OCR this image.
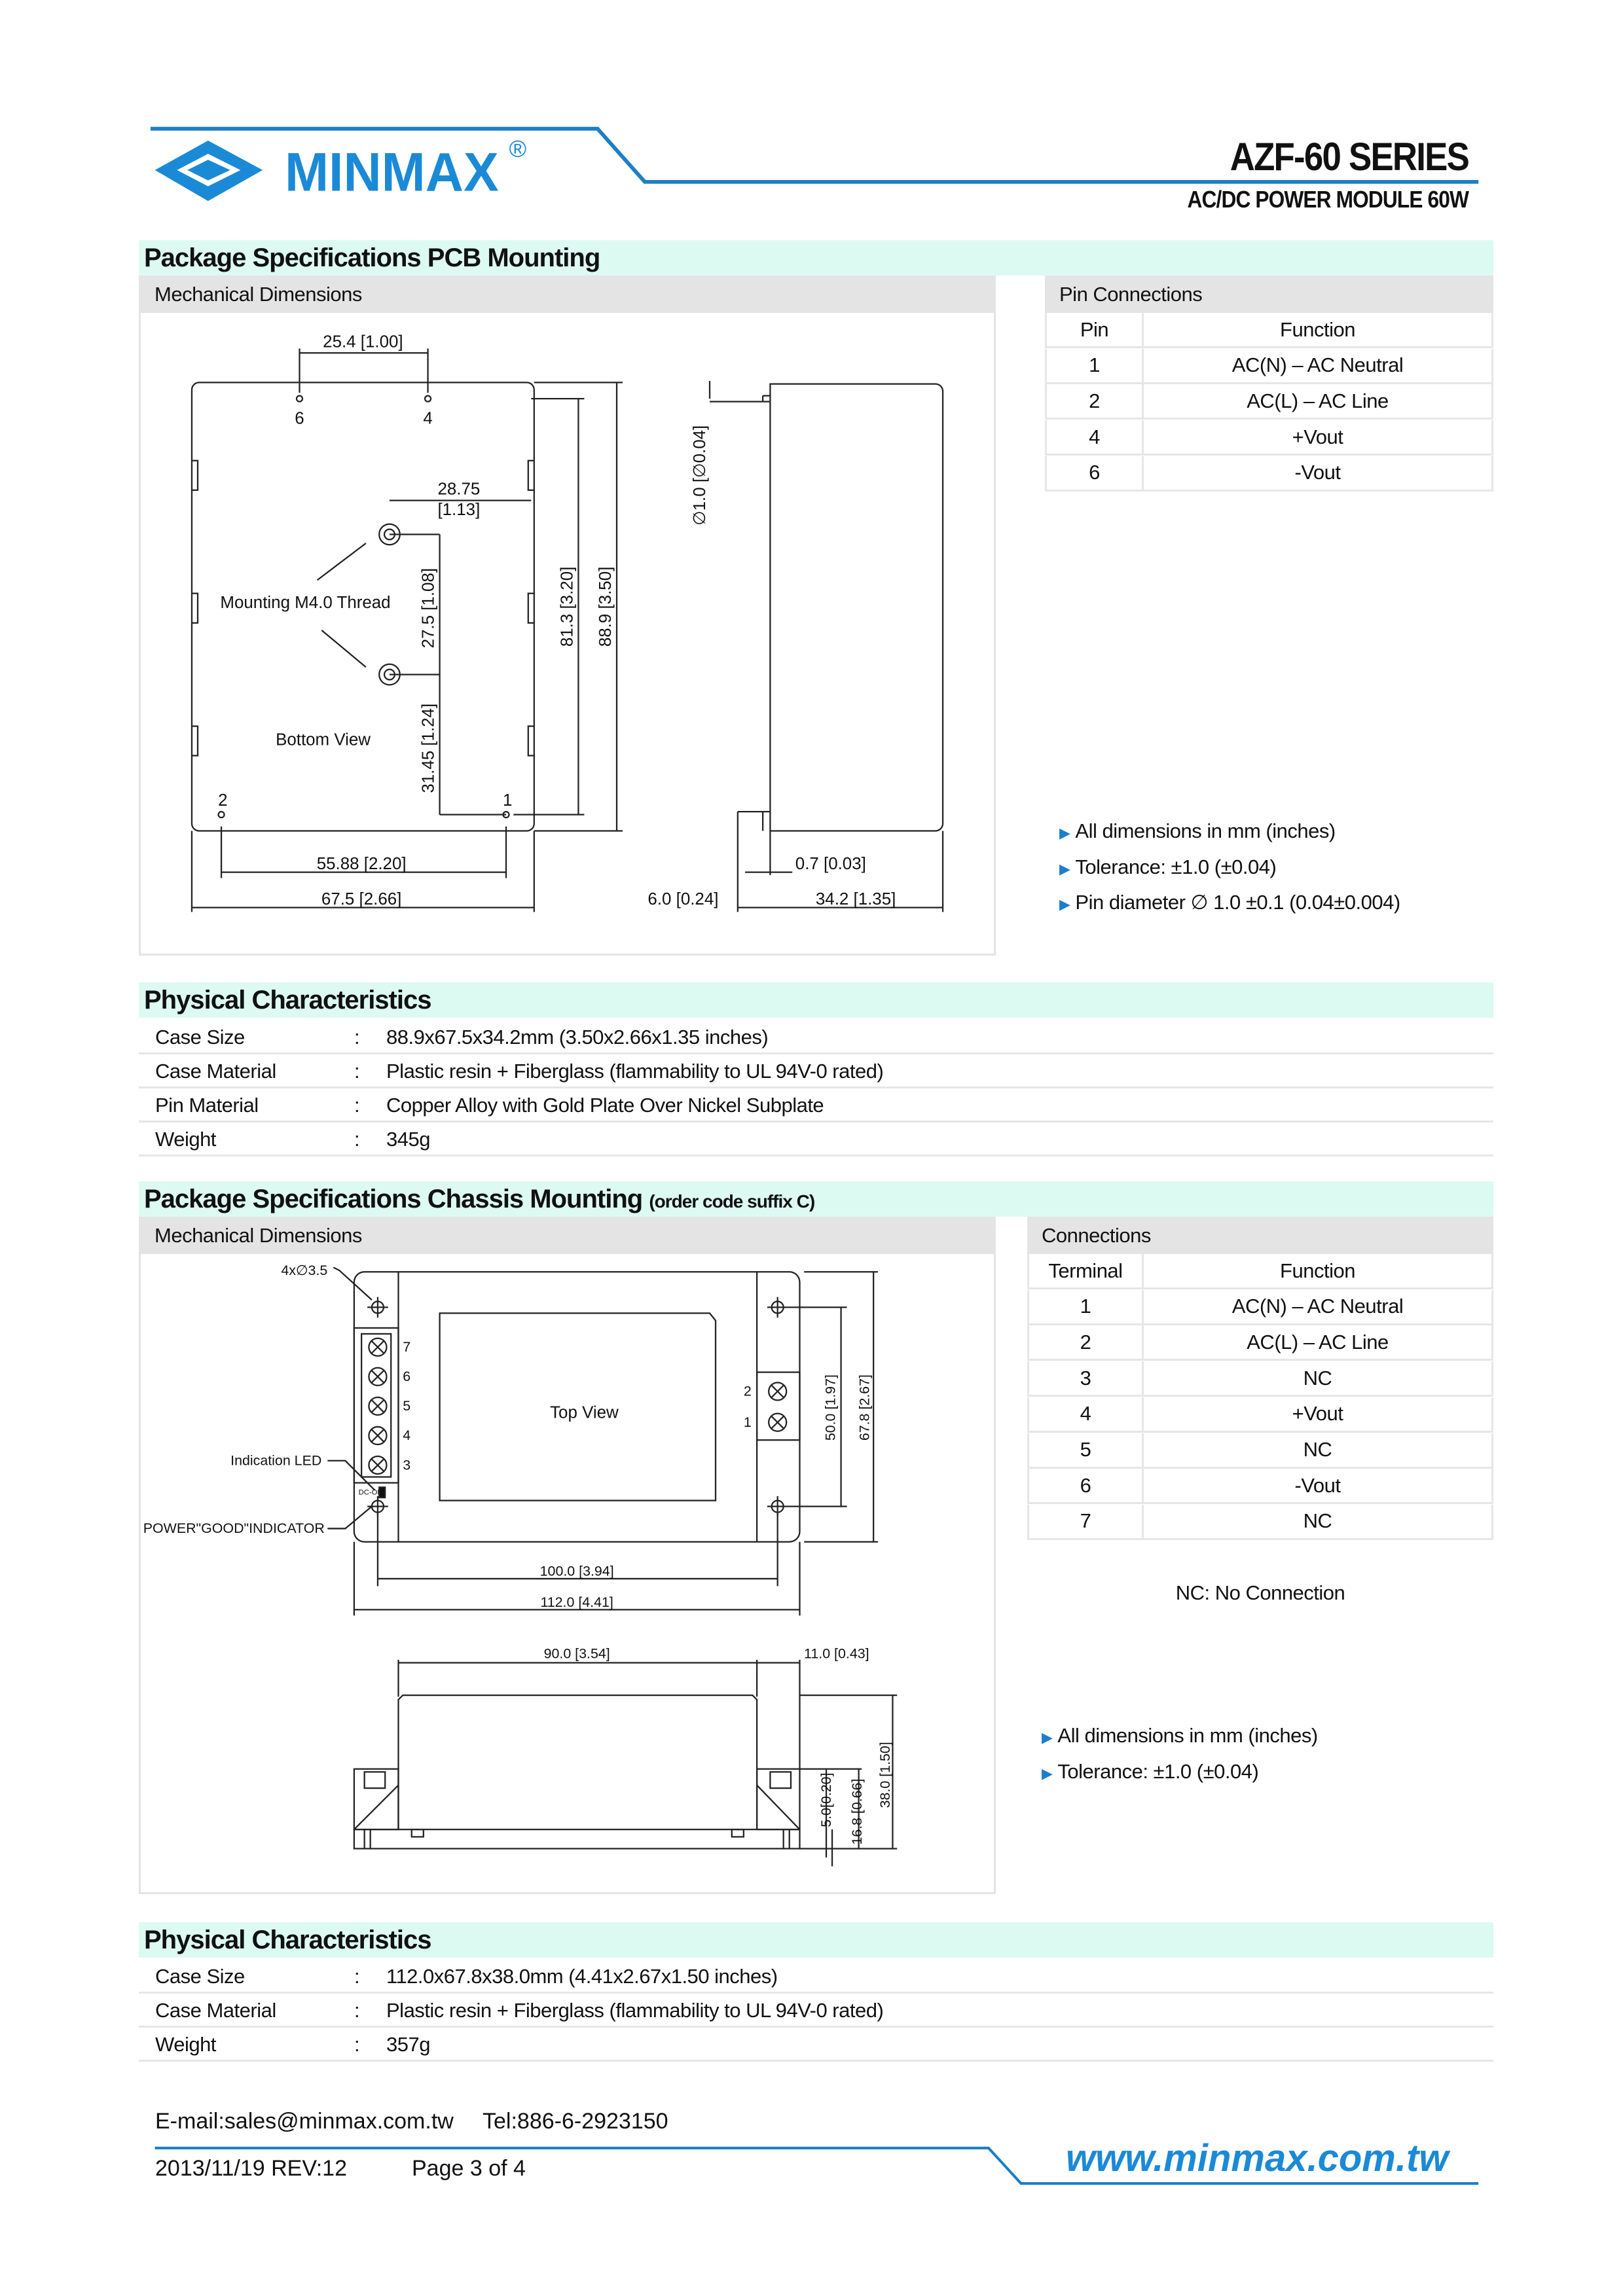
MINMAX ®
25.4 [1.00]
28.75
[1.13]
6	4
2	1
Mounting M4.0 Thread
Bottom View
27.5 [1.08]
31.45 [1.24]
81.3 [3.20]	88.9 [3.50]
55.88 [2.20]
67.5 [2.66]
∅1.0 [∅0.04]
0.7 [0.03]
6.0 [0.24]	34.2 [1.35]
4x∅3.5
Indication LED
POWER"GOOD"INDICATOR
DC-ON
Top View
7
6
5
4
3
2
1	50.0 [1.97]	67.8 [2.67]
100.0 [3.94]
112.0 [4.41]
90.0 [3.54]	11.0 [0.43]
5.0[0.20] 16.8 [0.66]
38.0 [1.50]
AZF-60 SERIES
AC/DC POWER MODULE 60W
Package Specifications PCB Mounting
Mechanical Dimensions	Pin Connections
Pin	Function
1	AC(N) – AC Neutral
2	AC(L) – AC Line
4	+Vout
6	-Vout
▶ All dimensions in mm (inches)
▶ Tolerance: ±1.0 (±0.04)
▶ Pin diameter ∅ 1.0 ±0.1 (0.04±0.004)
Physical Characteristics
Case Size	: 88.9x67.5x34.2mm (3.50x2.66x1.35 inches)
Case Material	: Plastic resin + Fiberglass (flammability to UL 94V-0 rated)
Pin Material	: Copper Alloy with Gold Plate Over Nickel Subplate
Weight	: 345g
Package Specifications Chassis Mounting (order code suffix C)
Mechanical Dimensions	Connections
Terminal	Function
1	AC(N) – AC Neutral
2	AC(L) – AC Line
3	NC
4	+Vout
5	NC
6	-Vout
7	NC
NC: No Connection
▶ All dimensions in mm (inches)
▶ Tolerance: ±1.0 (±0.04)
Physical Characteristics
Case Size	: 112.0x67.8x38.0mm (4.41x2.67x1.50 inches)
Case Material	: Plastic resin + Fiberglass (flammability to UL 94V-0 rated)
Weight	: 357g
E-mail:sales@minmax.com.tw Tel:886-6-2923150
2013/11/19 REV:12	Page 3 of 4	www.minmax.com.tw
